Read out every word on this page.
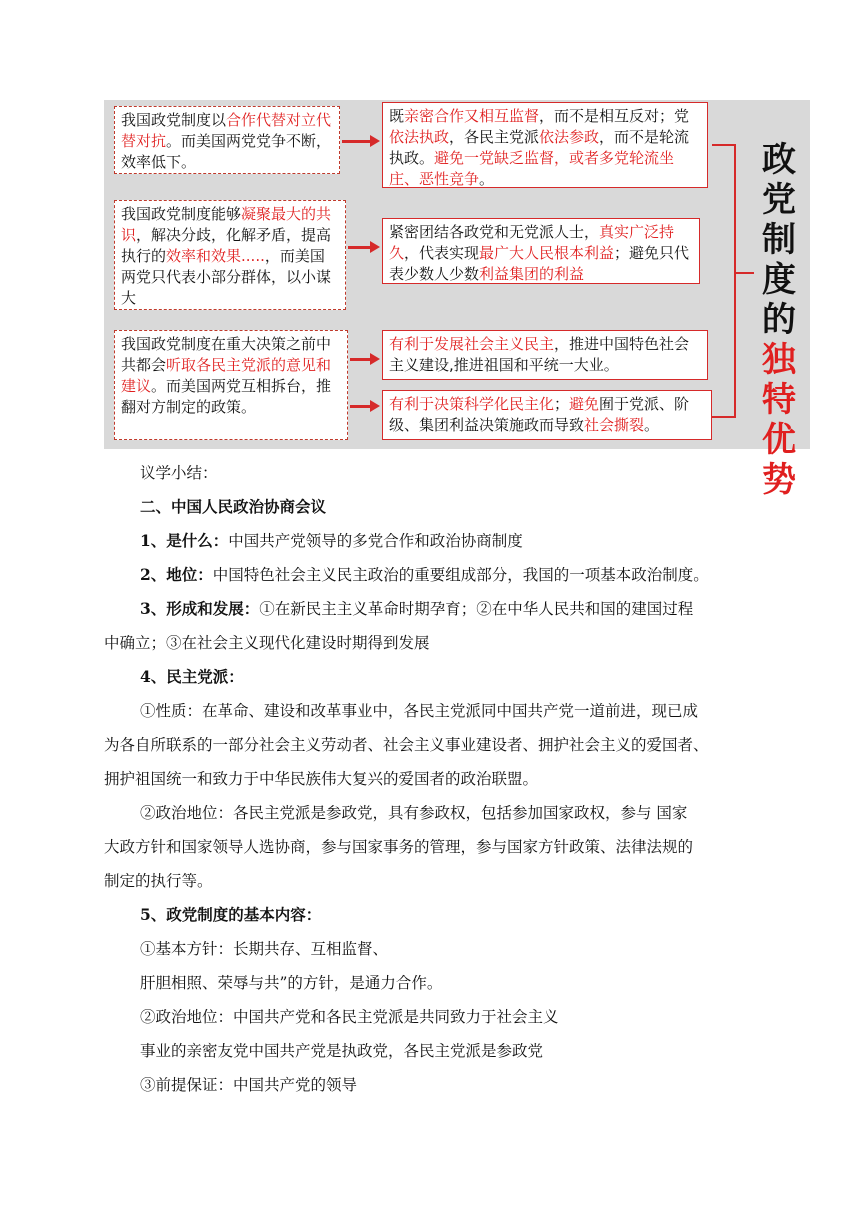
我国政党制度以合作代替对立代替对抗。而美国两党党争不断，效率低下。
我国政党制度能够凝聚最大的共识，解决分歧，化解矛盾，提高执行的效率和效果.....，而美国两党只代表小部分群体，以小谋大
我国政党制度在重大决策之前中共都会听取各民主党派的意见和建议。而美国两党互相拆台，推翻对方制定的政策。
既亲密合作又相互监督，而不是相互反对；党依法执政，各民主党派依法参政，而不是轮流执政。避免一党缺乏监督，或者多党轮流坐庄、恶性竞争。
紧密团结各政党和无党派人士，真实广泛持久，代表实现最广大人民根本利益；避免只代表少数人少数利益集团的利益
有利于发展社会主义民主，推进中国特色社会主义建设,推进祖国和平统一大业。
有利于决策科学化民主化；避免囿于党派、阶级、集团利益决策施政而导致社会撕裂。
政党制度的独特优势
议学小结：
二、中国人民政治协商会议
1、是什么：中国共产党领导的多党合作和政治协商制度
2、地位：中国特色社会主义民主政治的重要组成部分，我国的一项基本政治制度。
3、形成和发展：①在新民主主义革命时期孕育；②在中华人民共和国的建国过程
中确立；③在社会主义现代化建设时期得到发展
4、民主党派：
①性质：在革命、建设和改革事业中，各民主党派同中国共产党一道前进，现已成
为各自所联系的一部分社会主义劳动者、社会主义事业建设者、拥护社会主义的爱国者、
拥护祖国统一和致力于中华民族伟大复兴的爱国者的政治联盟。
②政治地位：各民主党派是参政党，具有参政权，包括参加国家政权，参与 国家
大政方针和国家领导人选协商，参与国家事务的管理，参与国家方针政策、法律法规的
制定的执行等。
5、政党制度的基本内容：
①基本方针：长期共存、互相监督、
肝胆相照、荣辱与共”的方针，是通力合作。
②政治地位：中国共产党和各民主党派是共同致力于社会主义
事业的亲密友党中国共产党是执政党，各民主党派是参政党
③前提保证：中国共产党的领导
